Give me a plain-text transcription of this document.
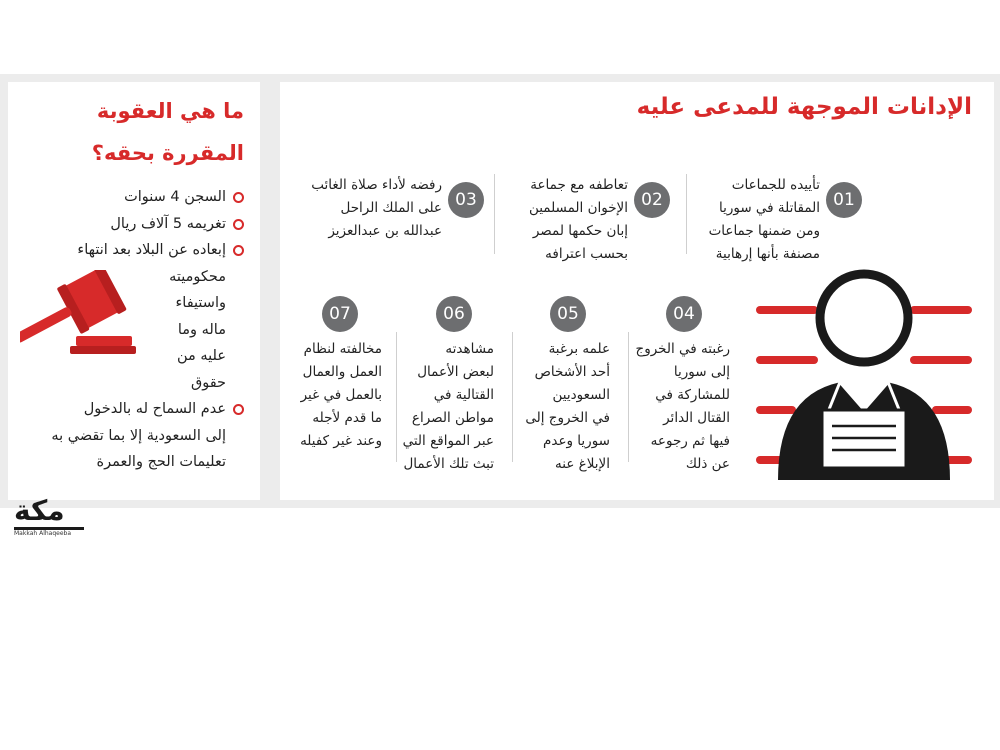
الإدانات الموجهة للمدعى عليه
01
تأييده للجماعات
المقاتلة في سوريا
ومن ضمنها جماعات
مصنفة بأنها إرهابية
02
تعاطفه مع جماعة
الإخوان المسلمين
إبان حكمها لمصر
بحسب اعترافه
03
رفضه لأداء صلاة الغائب
على الملك الراحل
عبدالله بن عبدالعزيز
04
رغبته في الخروج
إلى سوريا
للمشاركة في
القتال الدائر
فيها ثم رجوعه
عن ذلك
05
علمه برغبة
أحد الأشخاص
السعوديين
في الخروج إلى
سوريا وعدم
الإبلاغ عنه
06
مشاهدته
لبعض الأعمال
القتالية في
مواطن الصراع
عبر المواقع التي
تبث تلك الأعمال
07
مخالفته لنظام
العمل والعمال
بالعمل في غير
ما قدم لأجله
وعند غير كفيله
ما هي العقوبة المقررة بحقه؟
السجن 4 سنوات
تغريمه 5 آلاف ريال
إبعاده عن البلاد بعد انتهاء
محكوميته
واستيفاء
ماله وما
عليه من
حقوق
عدم السماح له بالدخول
إلى السعودية إلا بما تقضي به
تعليمات الحج والعمرة
مكة
Makkah Alhaqeeba
